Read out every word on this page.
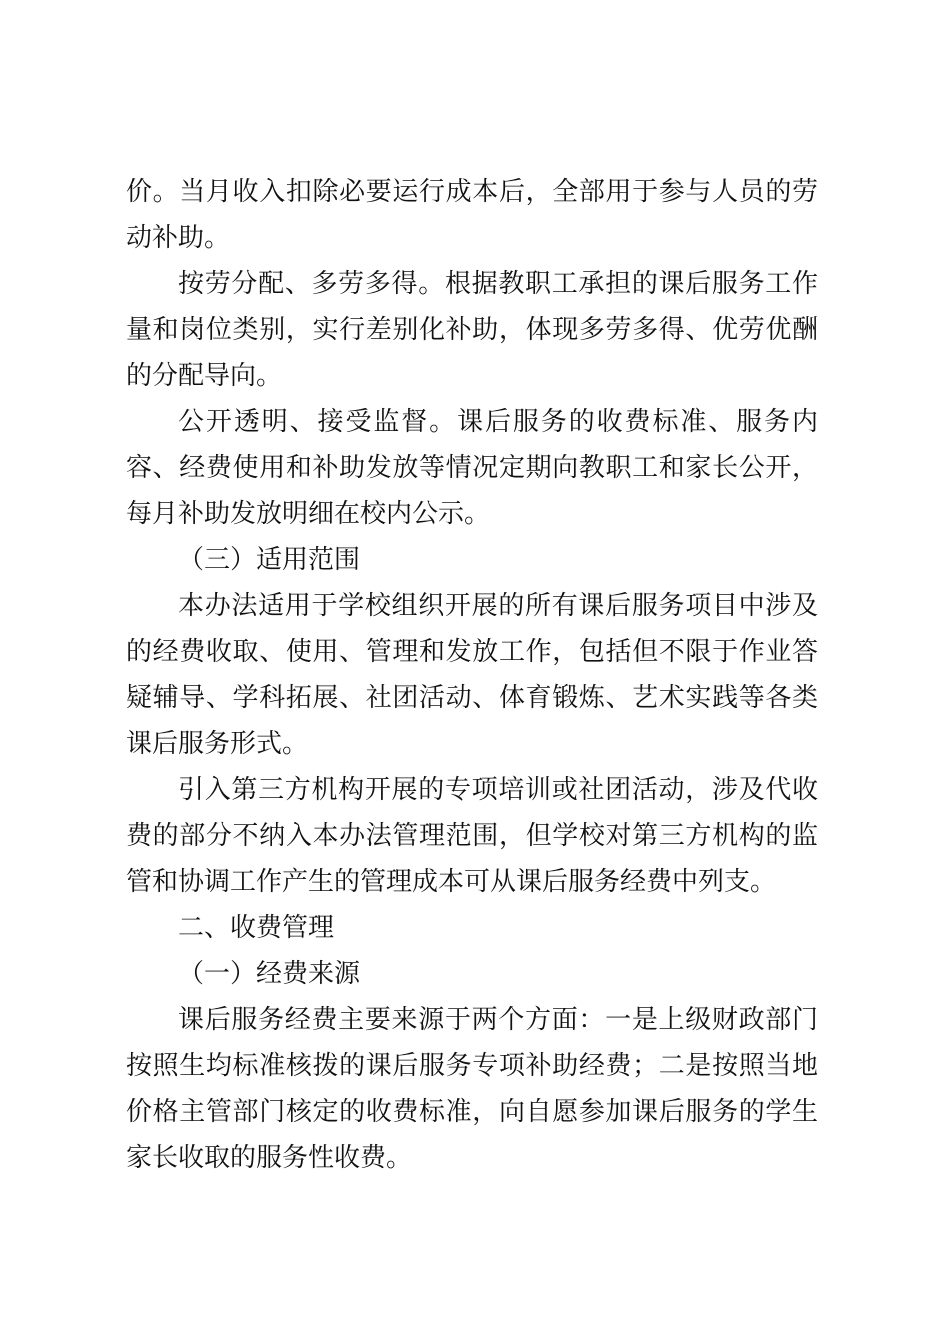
价。当月收入扣除必要运行成本后，全部用于参与人员的劳动补助。

按劳分配、多劳多得。根据教职工承担的课后服务工作量和岗位类别，实行差别化补助，体现多劳多得、优劳优酬的分配导向。

公开透明、接受监督。课后服务的收费标准、服务内容、经费使用和补助发放等情况定期向教职工和家长公开，每月补助发放明细在校内公示。

（三）适用范围

本办法适用于学校组织开展的所有课后服务项目中涉及的经费收取、使用、管理和发放工作，包括但不限于作业答疑辅导、学科拓展、社团活动、体育锻炼、艺术实践等各类课后服务形式。

引入第三方机构开展的专项培训或社团活动，涉及代收费的部分不纳入本办法管理范围，但学校对第三方机构的监管和协调工作产生的管理成本可从课后服务经费中列支。

二、收费管理

（一）经费来源

课后服务经费主要来源于两个方面：一是上级财政部门按照生均标准核拨的课后服务专项补助经费；二是按照当地价格主管部门核定的收费标准，向自愿参加课后服务的学生家长收取的服务性收费。
